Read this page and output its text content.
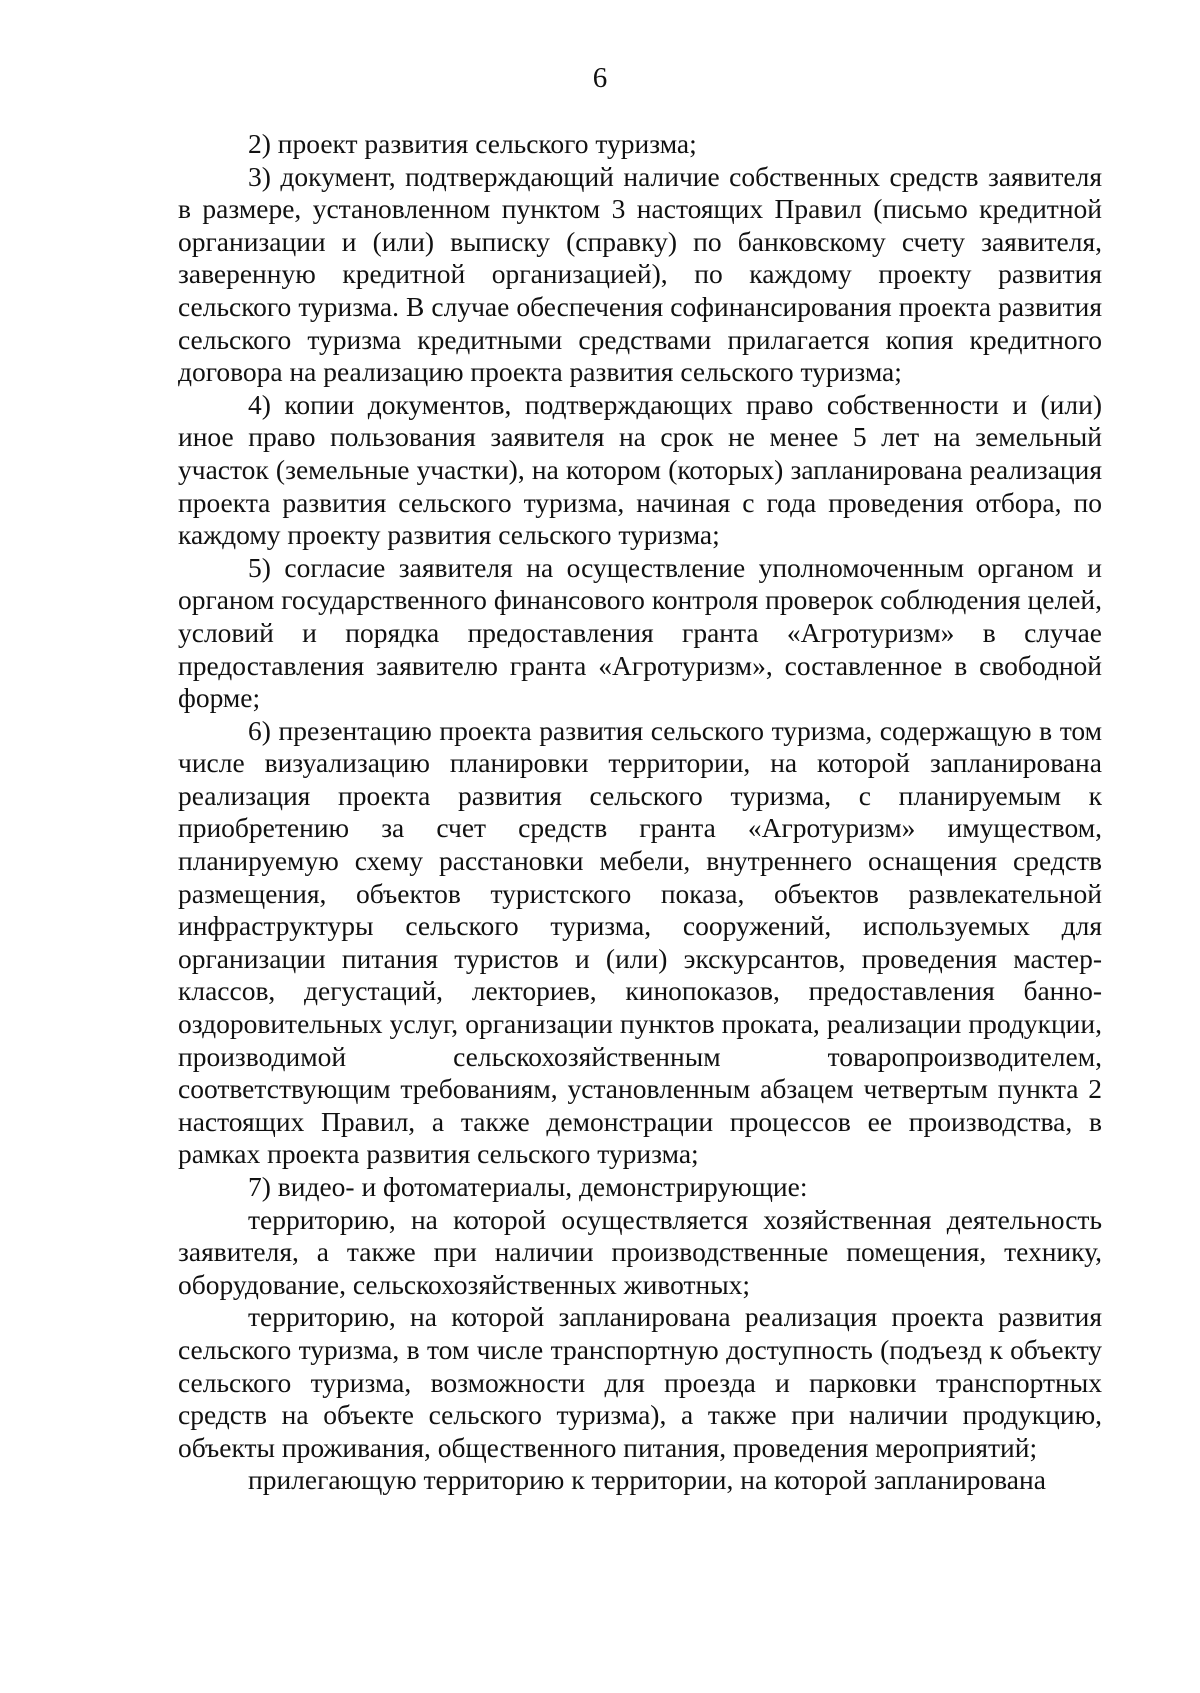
6

2) проект развития сельского туризма;

3) документ, подтверждающий наличие собственных средств заявителя в размере, установленном пунктом 3 настоящих Правил (письмо кредитной организации и (или) выписку (справку) по банковскому счету заявителя, заверенную кредитной организацией), по каждому проекту развития сельского туризма. В случае обеспечения софинансирования проекта развития сельского туризма кредитными средствами прилагается копия кредитного договора на реализацию проекта развития сельского туризма;

4) копии документов, подтверждающих право собственности и (или) иное право пользования заявителя на срок не менее 5 лет на земельный участок (земельные участки), на котором (которых) запланирована реализация проекта развития сельского туризма, начиная с года проведения отбора, по каждому проекту развития сельского туризма;

5) согласие заявителя на осуществление уполномоченным органом и органом государственного финансового контроля проверок соблюдения целей, условий и порядка предоставления гранта «Агротуризм» в случае предоставления заявителю гранта «Агротуризм», составленное в свободной форме;

6) презентацию проекта развития сельского туризма, содержащую в том числе визуализацию планировки территории, на которой запланирована реализация проекта развития сельского туризма, с планируемым к приобретению за счет средств гранта «Агротуризм» имуществом, планируемую схему расстановки мебели, внутреннего оснащения средств размещения, объектов туристского показа, объектов развлекательной инфраструктуры сельского туризма, сооружений, используемых для организации питания туристов и (или) экскурсантов, проведения мастер-классов, дегустаций, лекториев, кинопоказов, предоставления банно-оздоровительных услуг, организации пунктов проката, реализации продукции, производимой сельскохозяйственным товаропроизводителем, соответствующим требованиям, установленным абзацем четвертым пункта 2 настоящих Правил, а также демонстрации процессов ее производства, в рамках проекта развития сельского туризма;

7) видео- и фотоматериалы, демонстрирующие:

территорию, на которой осуществляется хозяйственная деятельность заявителя, а также при наличии производственные помещения, технику, оборудование, сельскохозяйственных животных;

территорию, на которой запланирована реализация проекта развития сельского туризма, в том числе транспортную доступность (подъезд к объекту сельского туризма, возможности для проезда и парковки транспортных средств на объекте сельского туризма), а также при наличии продукцию, объекты проживания, общественного питания, проведения мероприятий;

прилегающую территорию к территории, на которой запланирована
